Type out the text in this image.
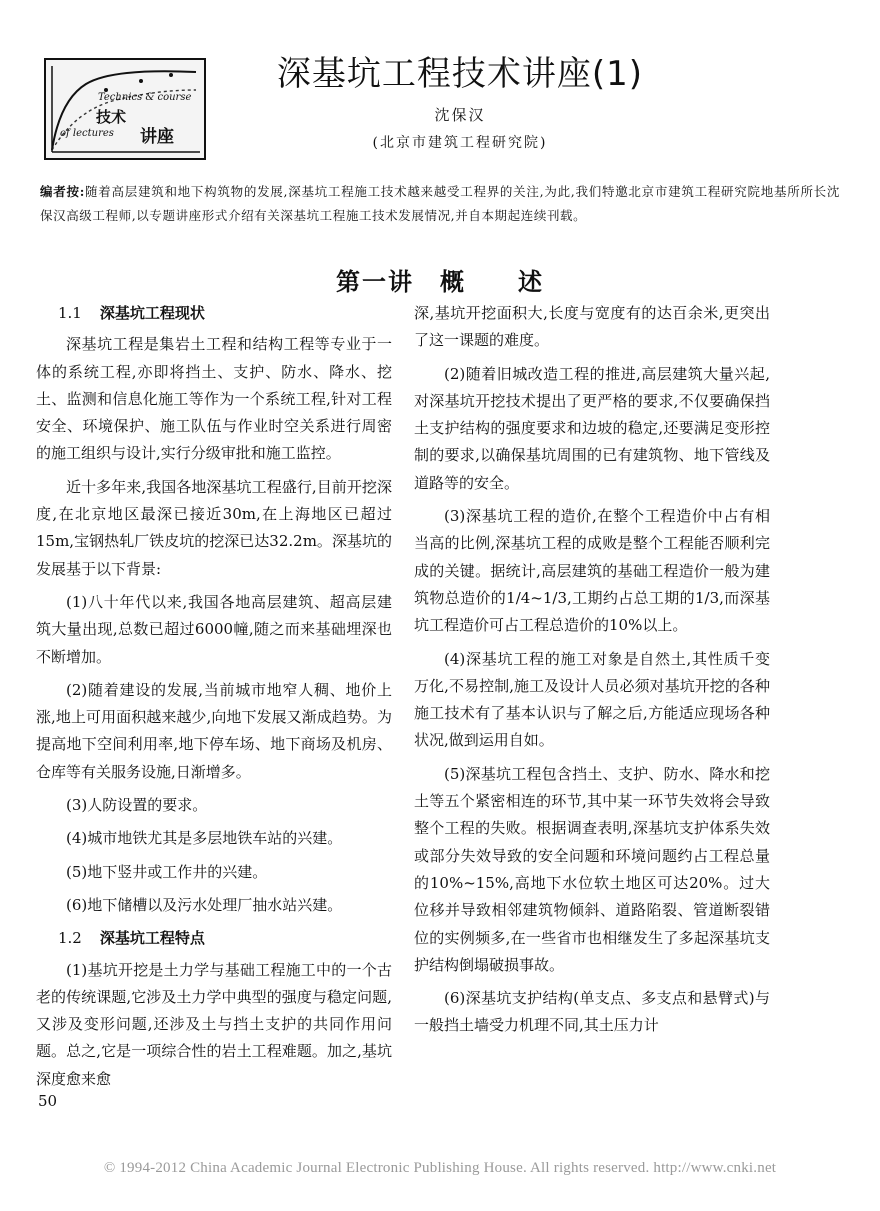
Technics & course
技术
of lectures 讲座
深基坑工程技术讲座(1)
沈保汉
(北京市建筑工程研究院)
编者按:随着高层建筑和地下构筑物的发展,深基坑工程施工技术越来越受工程界的关注,为此,我们特邀北京市建筑工程研究院地基所所长沈保汉高级工程师,以专题讲座形式介绍有关深基坑工程施工技术发展情况,并自本期起连续刊载。
第一讲　概　　述
1.1 深基坑工程现状

深基坑工程是集岩土工程和结构工程等专业于一体的系统工程,亦即将挡土、支护、防水、降水、挖土、监测和信息化施工等作为一个系统工程,针对工程安全、环境保护、施工队伍与作业时空关系进行周密的施工组织与设计,实行分级审批和施工监控。

近十多年来,我国各地深基坑工程盛行,目前开挖深度,在北京地区最深已接近30m,在上海地区已超过15m,宝钢热轧厂铁皮坑的挖深已达32.2m。深基坑的发展基于以下背景:

(1)八十年代以来,我国各地高层建筑、超高层建筑大量出现,总数已超过6000幢,随之而来基础埋深也不断增加。

(2)随着建设的发展,当前城市地窄人稠、地价上涨,地上可用面积越来越少,向地下发展又渐成趋势。为提高地下空间利用率,地下停车场、地下商场及机房、仓库等有关服务设施,日渐增多。

(3)人防设置的要求。

(4)城市地铁尤其是多层地铁车站的兴建。

(5)地下竖井或工作井的兴建。

(6)地下储槽以及污水处理厂抽水站兴建。

1.2 深基坑工程特点

(1)基坑开挖是土力学与基础工程施工中的一个古老的传统课题,它涉及土力学中典型的强度与稳定问题,又涉及变形问题,还涉及土与挡土支护的共同作用问题。总之,它是一项综合性的岩土工程难题。加之,基坑深度愈来愈

深,基坑开挖面积大,长度与宽度有的达百余米,更突出了这一课题的难度。

(2)随着旧城改造工程的推进,高层建筑大量兴起,对深基坑开挖技术提出了更严格的要求,不仅要确保挡土支护结构的强度要求和边坡的稳定,还要满足变形控制的要求,以确保基坑周围的已有建筑物、地下管线及道路等的安全。

(3)深基坑工程的造价,在整个工程造价中占有相当高的比例,深基坑工程的成败是整个工程能否顺利完成的关键。据统计,高层建筑的基础工程造价一般为建筑物总造价的1/4~1/3,工期约占总工期的1/3,而深基坑工程造价可占工程总造价的10%以上。

(4)深基坑工程的施工对象是自然土,其性质千变万化,不易控制,施工及设计人员必须对基坑开挖的各种施工技术有了基本认识与了解之后,方能适应现场各种状况,做到运用自如。

(5)深基坑工程包含挡土、支护、防水、降水和挖土等五个紧密相连的环节,其中某一环节失效将会导致整个工程的失败。根据调查表明,深基坑支护体系失效或部分失效导致的安全问题和环境问题约占工程总量的10%~15%,高地下水位软土地区可达20%。过大位移并导致相邻建筑物倾斜、道路陷裂、管道断裂错位的实例频多,在一些省市也相继发生了多起深基坑支护结构倒塌破损事故。

(6)深基坑支护结构(单支点、多支点和悬臂式)与一般挡土墙受力机理不同,其土压力计

50
© 1994-2012 China Academic Journal Electronic Publishing House. All rights reserved. http://www.cnki.net
